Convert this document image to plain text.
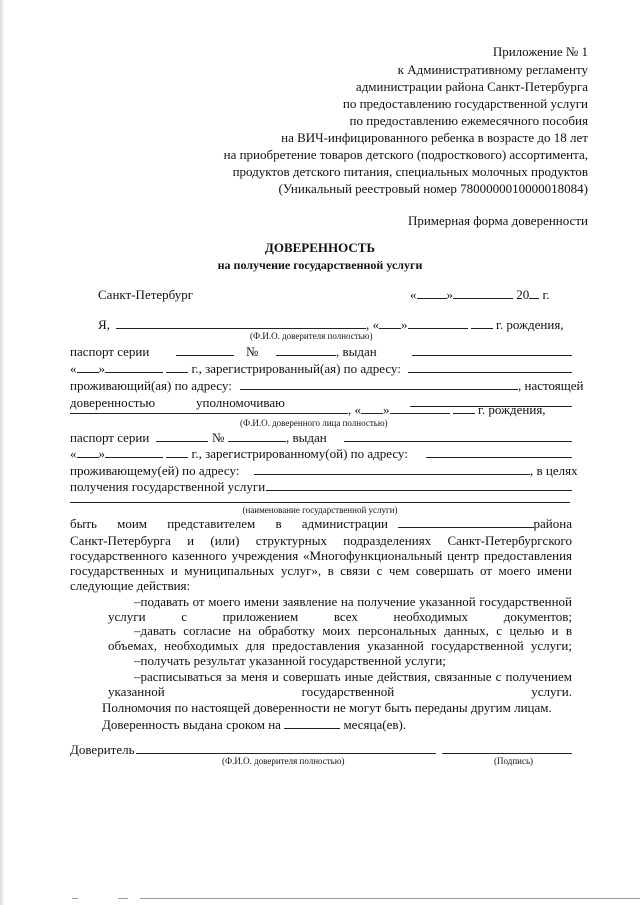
Приложение № 1
к Административному регламенту
администрации района Санкт-Петербурга
по предоставлению государственной услуги
по предоставлению ежемесячного пособия
на ВИЧ-инфицированного ребенка в возрасте до 18 лет
на приобретение товаров детского (подросткового) ассортимента,
продуктов детского питания, специальных молочных продуктов
(Уникальный реестровый номер 7800000010000018084)
Примерная форма доверенности
ДОВЕРЕННОСТЬ
на получение государственной услуги
Санкт-Петербург	« »	20 г.
Я,	, « »	г. рождения,
(Ф.И.О. доверителя полностью)
паспорт серии	№	, выдан
« »	г., зарегистрированный(ая) по адресу:
проживающий(ая) по адресу:	, настоящей
доверенностью	уполномочиваю	, « »	г. рождения,
(Ф.И.О. доверенного лица полностью)
паспорт серии	№	, выдан
« »	г., зарегистрированному(ой) по адресу:
проживающему(ей) по адресу:	, в целях
получения государственной услуги
(наименование государственной услуги)
быть моим представителем в администрации	района
Санкт-Петербурга и (или) структурных подразделениях Санкт-Петербургского государственного казенного учреждения «Многофункциональный центр предоставления государственных и муниципальных услуг», в связи с чем совершать от моего имени
следующие действия:
–подавать от моего имени заявление на получение указанной государственной услуги с приложением всех необходимых документов;
–давать согласие на обработку моих персональных данных, с целью и в объемах, необходимых для предоставления указанной государственной услуги;
–получать результат указанной государственной услуги;
–расписываться за меня и совершать иные действия, связанные с получением указанной государственной услуги.
Полномочия по настоящей доверенности не могут быть переданы другим лицам.
Доверенность выдана сроком на	месяца(ев).
Доверитель
(Ф.И.О. доверителя полностью)	(Подпись)
